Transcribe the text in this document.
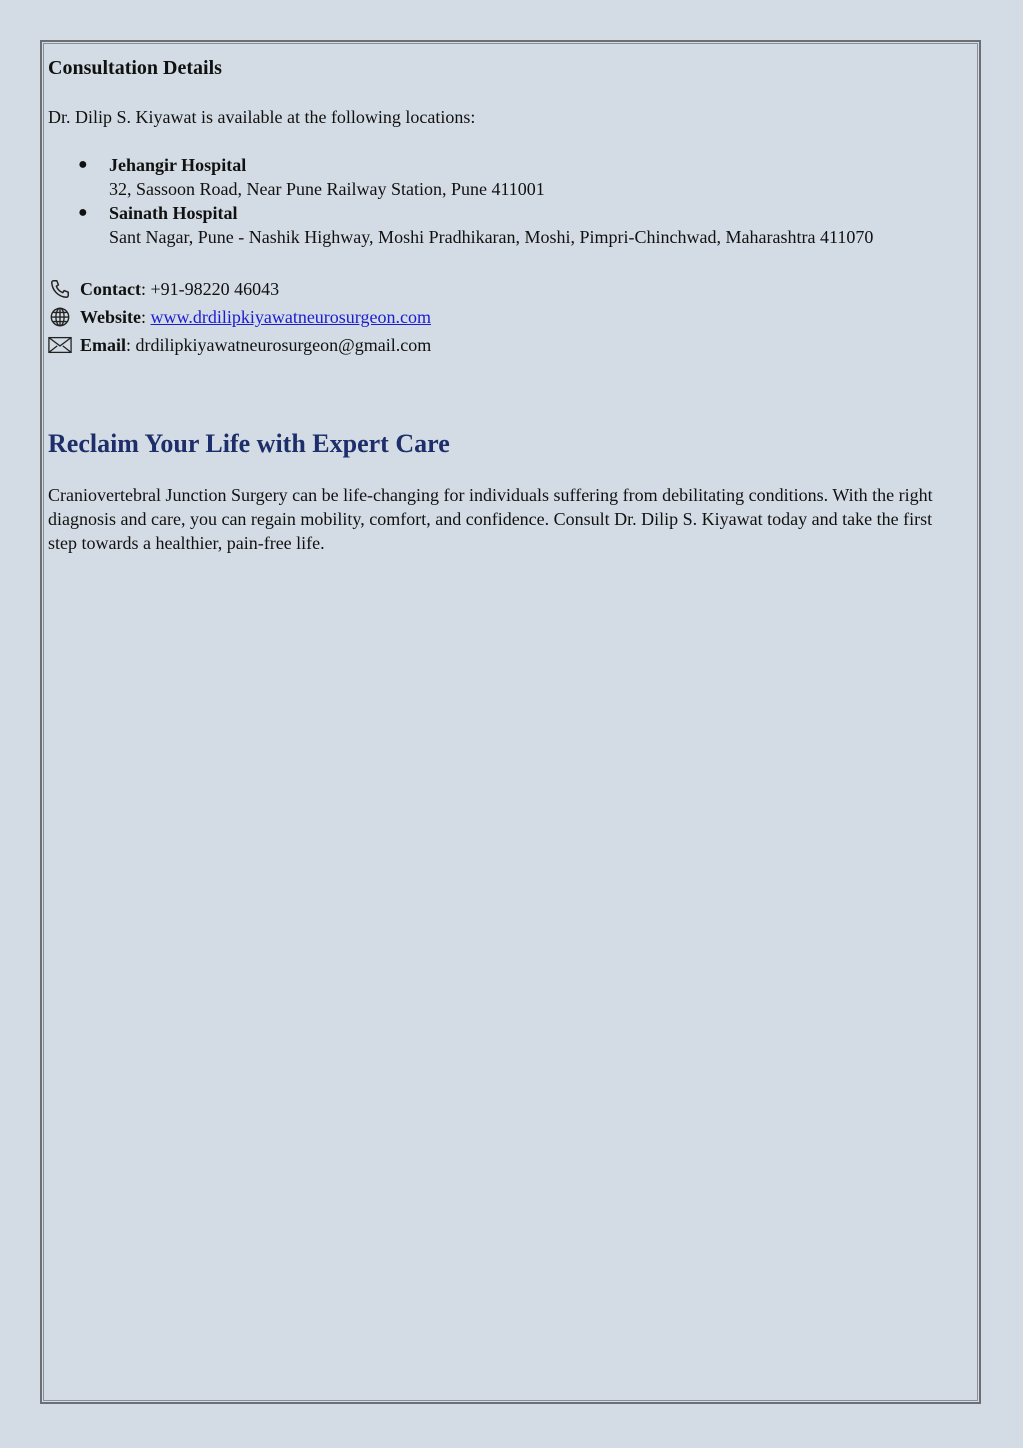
Consultation Details

Dr. Dilip S. Kiyawat is available at the following locations:

● Jehangir Hospital
32, Sassoon Road, Near Pune Railway Station, Pune 411001
● Sainath Hospital
Sant Nagar, Pune - Nashik Highway, Moshi Pradhikaran, Moshi, Pimpri-Chinchwad, Maharashtra 411070
Contact : +91-98220 46043
Website : www.drdilipkiyawatneurosurgeon.com
Email : drdilipkiyawatneurosurgeon@gmail.com
Reclaim Your Life with Expert Care

Craniovertebral Junction Surgery can be life-changing for individuals suffering from debilitating conditions. With the right diagnosis and care, you can regain mobility, comfort, and confidence. Consult Dr. Dilip S. Kiyawat today and take the first step towards a healthier, pain-free life.
